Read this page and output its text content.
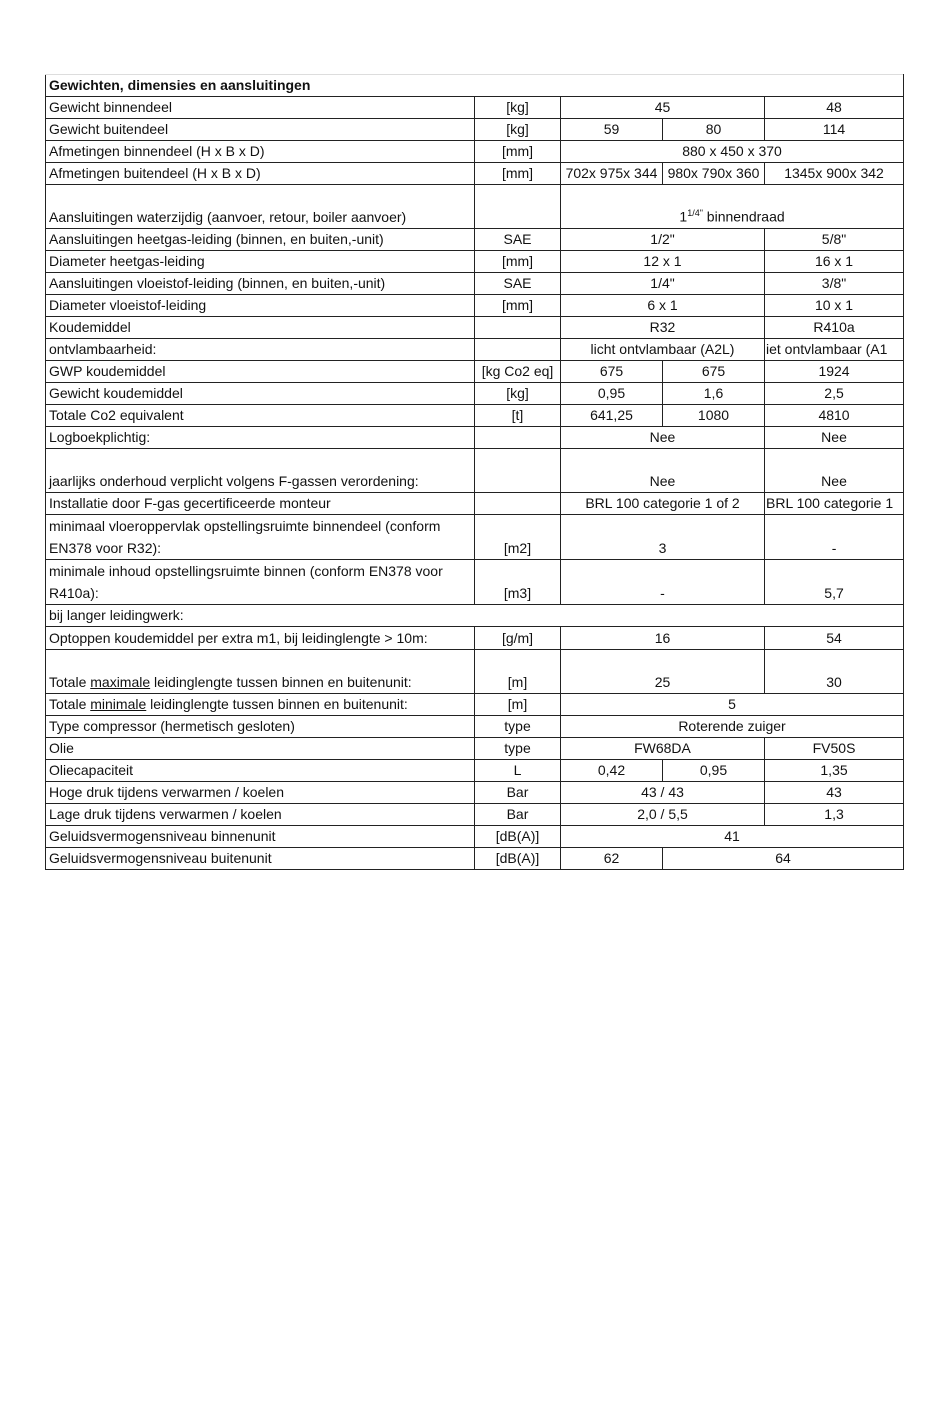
Gewichten, dimensies en aansluitingen				
Gewicht binnendeel	[kg]	45		48
Gewicht buitendeel	[kg]	59	80	114
Afmetingen binnendeel (H x B x D)	[mm]	880 x 450 x 370		
Afmetingen buitendeel (H x B x D)	[mm]	702x 975x 344	980x 790x 360	1345x 900x 342
Aansluitingen waterzijdig (aanvoer, retour, boiler aanvoer)		$1^{1/4"}$ binnendraad		
Aansluitingen heetgas-leiding (binnen, en buiten,-unit)	SAE	1/2"		5/8"
Diameter heetgas-leiding	[mm]	12 x 1		16 x 1
Aansluitingen vloeistof-leiding (binnen, en buiten,-unit)	SAE	1/4"		3/8"
Diameter vloeistof-leiding	[mm]	6 x 1		10 x 1
Koudemiddel		R32		R410a
ontvlambaarheid:		licht ontvlambaar (A2L)		iet ontvlambaar (A1
GWP koudemiddel	[kg Co2 eq]	675	675	1924
Gewicht koudemiddel	[kg]	0,95	1,6	2,5
Totale Co2 equivalent	[t]	641,25	1080	4810
Logboekplichtig:		Nee		Nee
jaarlijks onderhoud verplicht volgens F-gassen verordening:		Nee		Nee
Installatie door F-gas gecertificeerde monteur		BRL 100 categorie 1 of 2		BRL 100 categorie 1
minimaal vloeroppervlak opstellingsruimte binnendeel (conform EN378 voor R32):	[m2]	3		-
minimale inhoud opstellingsruimte binnen (conform EN378 voor R410a):	[m3]	-		5,7
bij langer leidingwerk:				
Optoppen koudemiddel per extra m1, bij leidinglengte > 10m:	[g/m]	16		54
Totale maximale leidinglengte tussen binnen en buitenunit:	[m]	25		30
Totale minimale leidinglengte tussen binnen en buitenunit:	[m]	5		
Type compressor (hermetisch gesloten)	type	Roterende zuiger		
Olie	type	FW68DA		FV50S
Oliecapaciteit	L	0,42	0,95	1,35
Hoge druk tijdens verwarmen / koelen	Bar	43 / 43		43
Lage druk tijdens verwarmen / koelen	Bar	2,0 / 5,5		1,3
Geluidsvermogensniveau binnenunit	[dB(A)]	41		
Geluidsvermogensniveau buitenunit	[dB(A)]	62	64	
